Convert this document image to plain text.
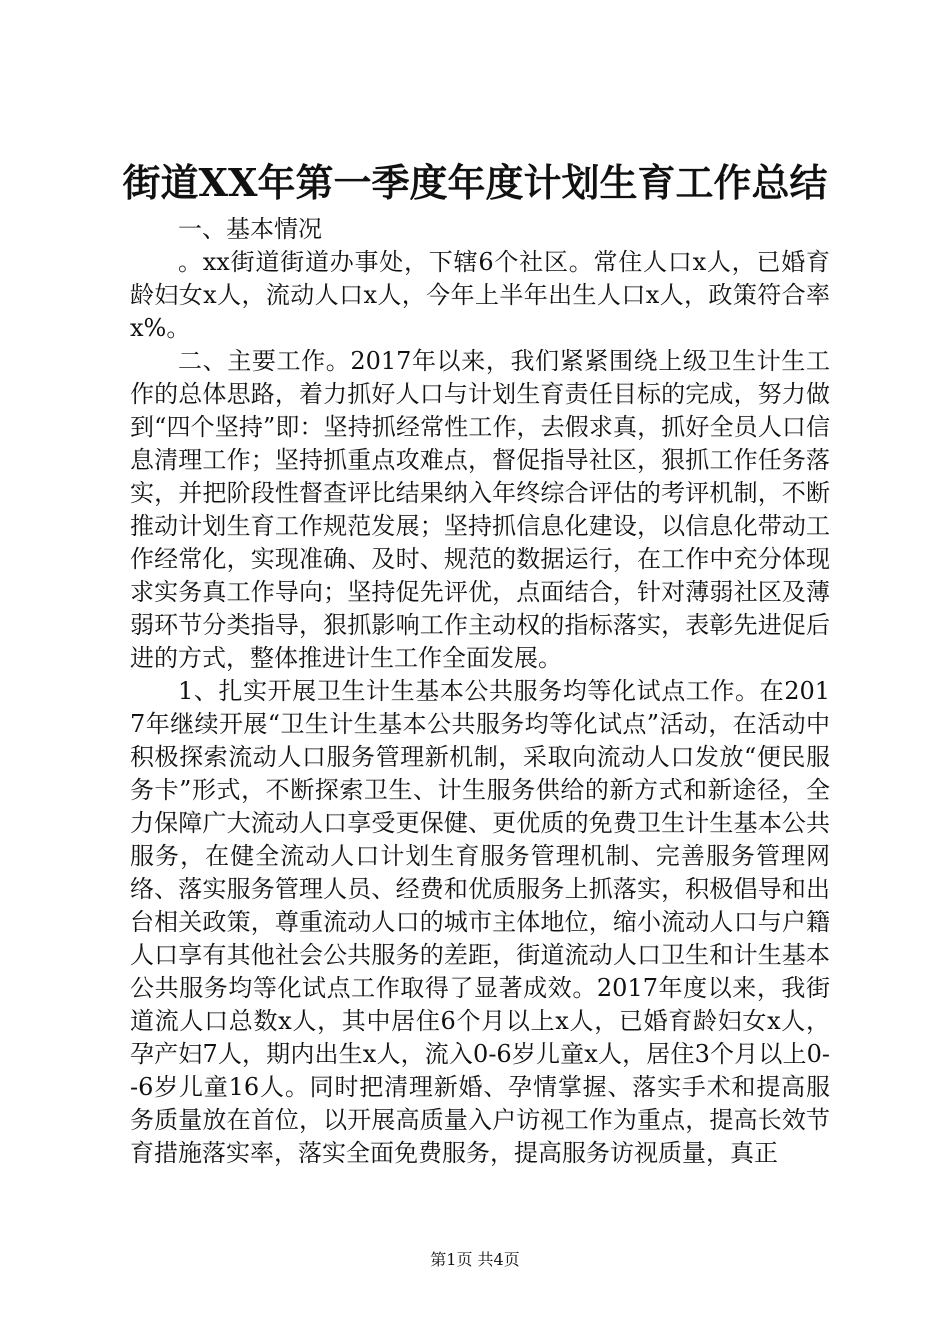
街道XX年第一季度年度计划生育工作总结

一、基本情况

。xx街道街道办事处，下辖6个社区。常住人口x人，已婚育龄妇女x人，流动人口x人，今年上半年出生人口x人，政策符合率x%。

二、主要工作。2017年以来，我们紧紧围绕上级卫生计生工作的总体思路，着力抓好人口与计划生育责任目标的完成，努力做到“四个坚持”即：坚持抓经常性工作，去假求真，抓好全员人口信息清理工作；坚持抓重点攻难点，督促指导社区，狠抓工作任务落实，并把阶段性督查评比结果纳入年终综合评估的考评机制，不断推动计划生育工作规范发展；坚持抓信息化建设，以信息化带动工作经常化，实现准确、及时、规范的数据运行，在工作中充分体现求实务真工作导向；坚持促先评优，点面结合，针对薄弱社区及薄弱环节分类指导，狠抓影响工作主动权的指标落实，表彰先进促后进的方式，整体推进计生工作全面发展。

1、扎实开展卫生计生基本公共服务均等化试点工作。在2017年继续开展“卫生计生基本公共服务均等化试点”活动，在活动中积极探索流动人口服务管理新机制，采取向流动人口发放“便民服务卡”形式，不断探索卫生、计生服务供给的新方式和新途径，全力保障广大流动人口享受更保健、更优质的免费卫生计生基本公共服务，在健全流动人口计划生育服务管理机制、完善服务管理网络、落实服务管理人员、经费和优质服务上抓落实，积极倡导和出台相关政策，尊重流动人口的城市主体地位，缩小流动人口与户籍人口享有其他社会公共服务的差距，街道流动人口卫生和计生基本公共服务均等化试点工作取得了显著成效。2017年度以来，我街道流人口总数x人，其中居住6个月以上x人，已婚育龄妇女x人，孕产妇7人，期内出生x人，流入0-6岁儿童x人，居住3个月以上0--6岁儿童16人。同时把清理新婚、孕情掌握、落实手术和提高服务质量放在首位，以开展高质量入户访视工作为重点，提高长效节育措施落实率，落实全面免费服务，提高服务访视质量，真正

第1页 共4页
